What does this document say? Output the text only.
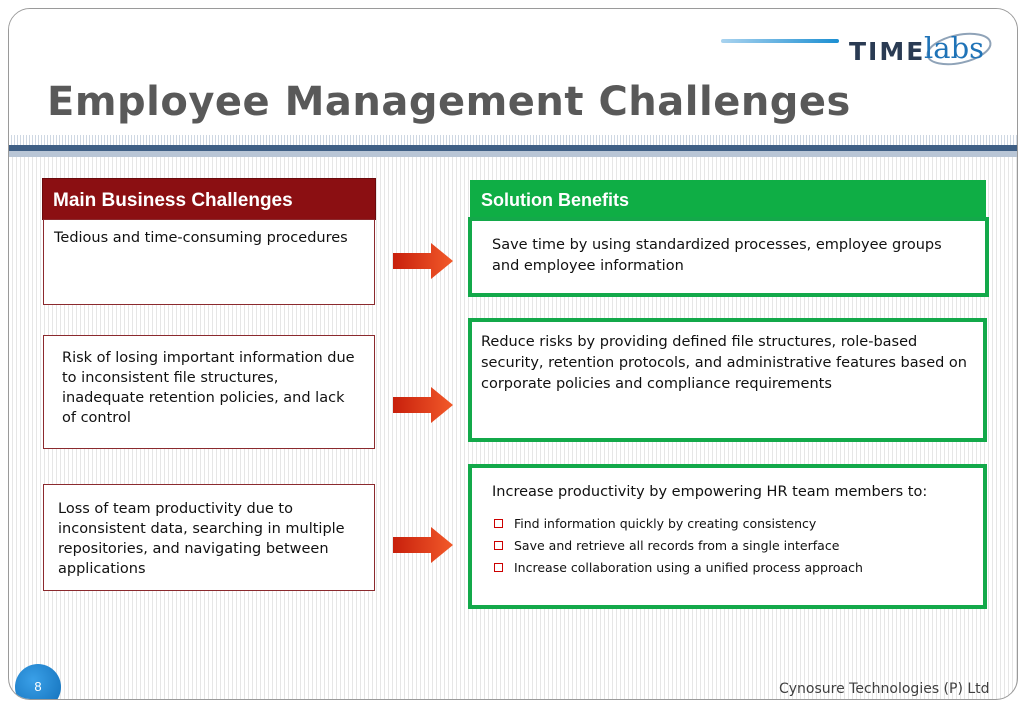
Employee Management Challenges
TIME
labs
Main Business Challenges	Solution Benefits
Tedious and time-consuming procedures
Risk of losing important information due to inconsistent file structures, inadequate retention policies, and lack of control
Loss of team productivity due to inconsistent data, searching in multiple repositories, and navigating between applications
Save time by using standardized processes, employee groups and employee information
Reduce risks by providing defined file structures, role-based security, retention protocols, and administrative features based on corporate policies and compliance requirements
Increase productivity by empowering HR team members to:
Find information quickly by creating consistency
Save and retrieve all records from a single interface
Increase collaboration using a unified process approach
8	Cynosure Technologies (P) Ltd
